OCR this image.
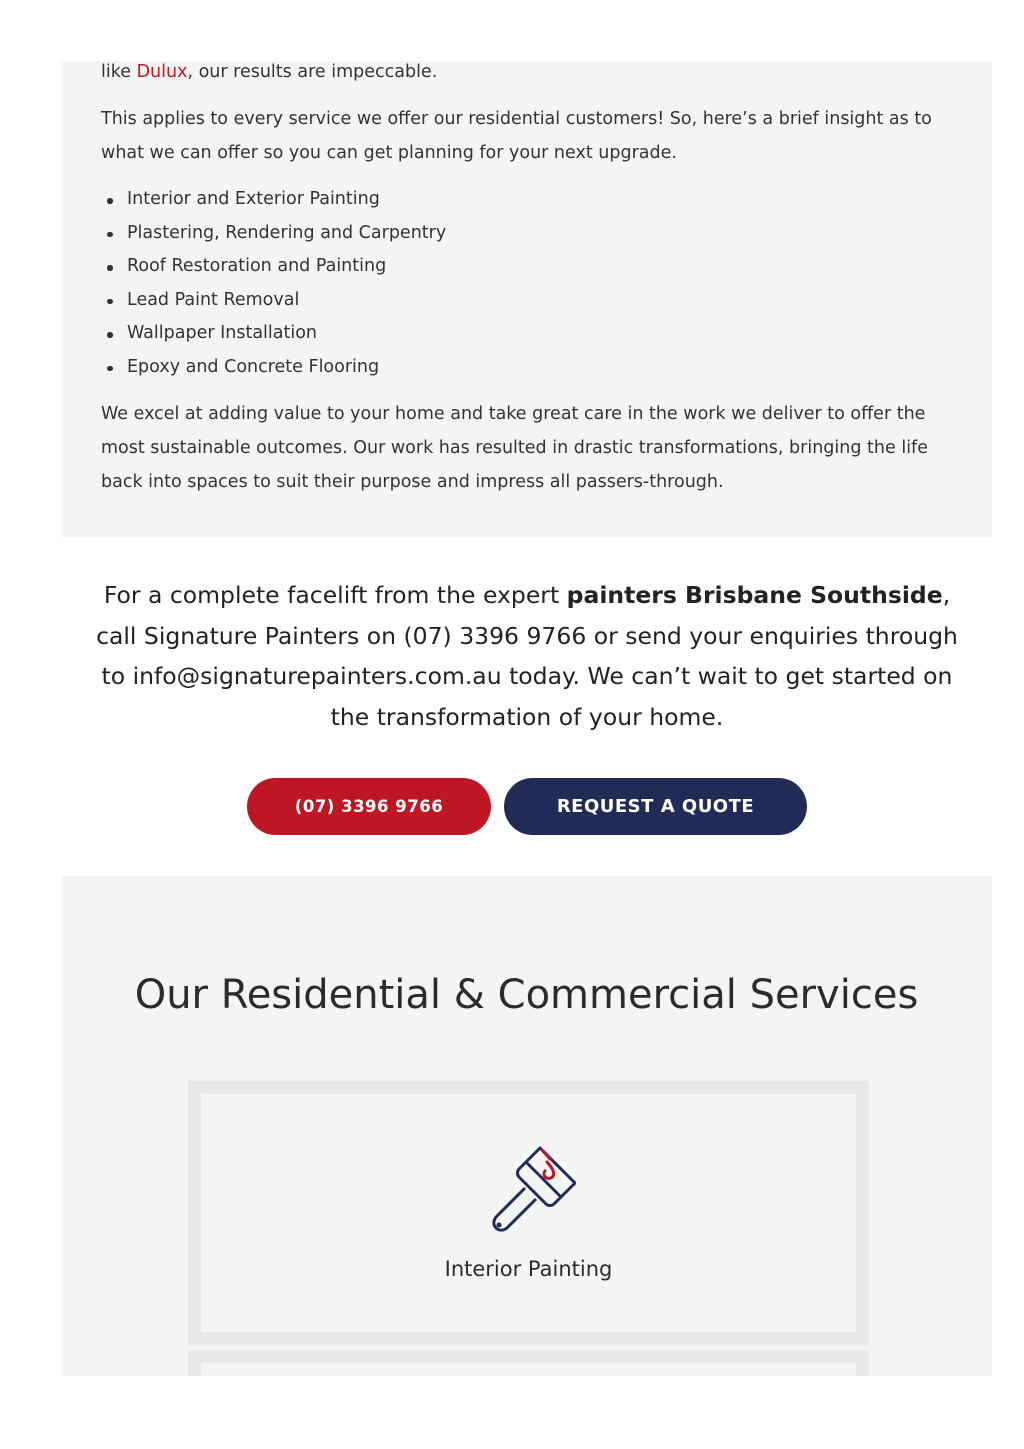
like Dulux, our results are impeccable.

This applies to every service we offer our residential customers! So, here’s a brief insight as to what we can offer so you can get planning for your next upgrade.

Interior and Exterior Painting
Plastering, Rendering and Carpentry
Roof Restoration and Painting
Lead Paint Removal
Wallpaper Installation
Epoxy and Concrete Flooring

We excel at adding value to your home and take great care in the work we deliver to offer the most sustainable outcomes. Our work has resulted in drastic transformations, bringing the life back into spaces to suit their purpose and impress all passers-through.

For a complete facelift from the expert painters Brisbane Southside, call Signature Painters on (07) 3396 9766 or send your enquiries through to info@signaturepainters.com.au today. We can’t wait to get started on the transformation of your home.

(07) 3396 9766	REQUEST A QUOTE
Our Residential & Commercial Services

Interior Painting
